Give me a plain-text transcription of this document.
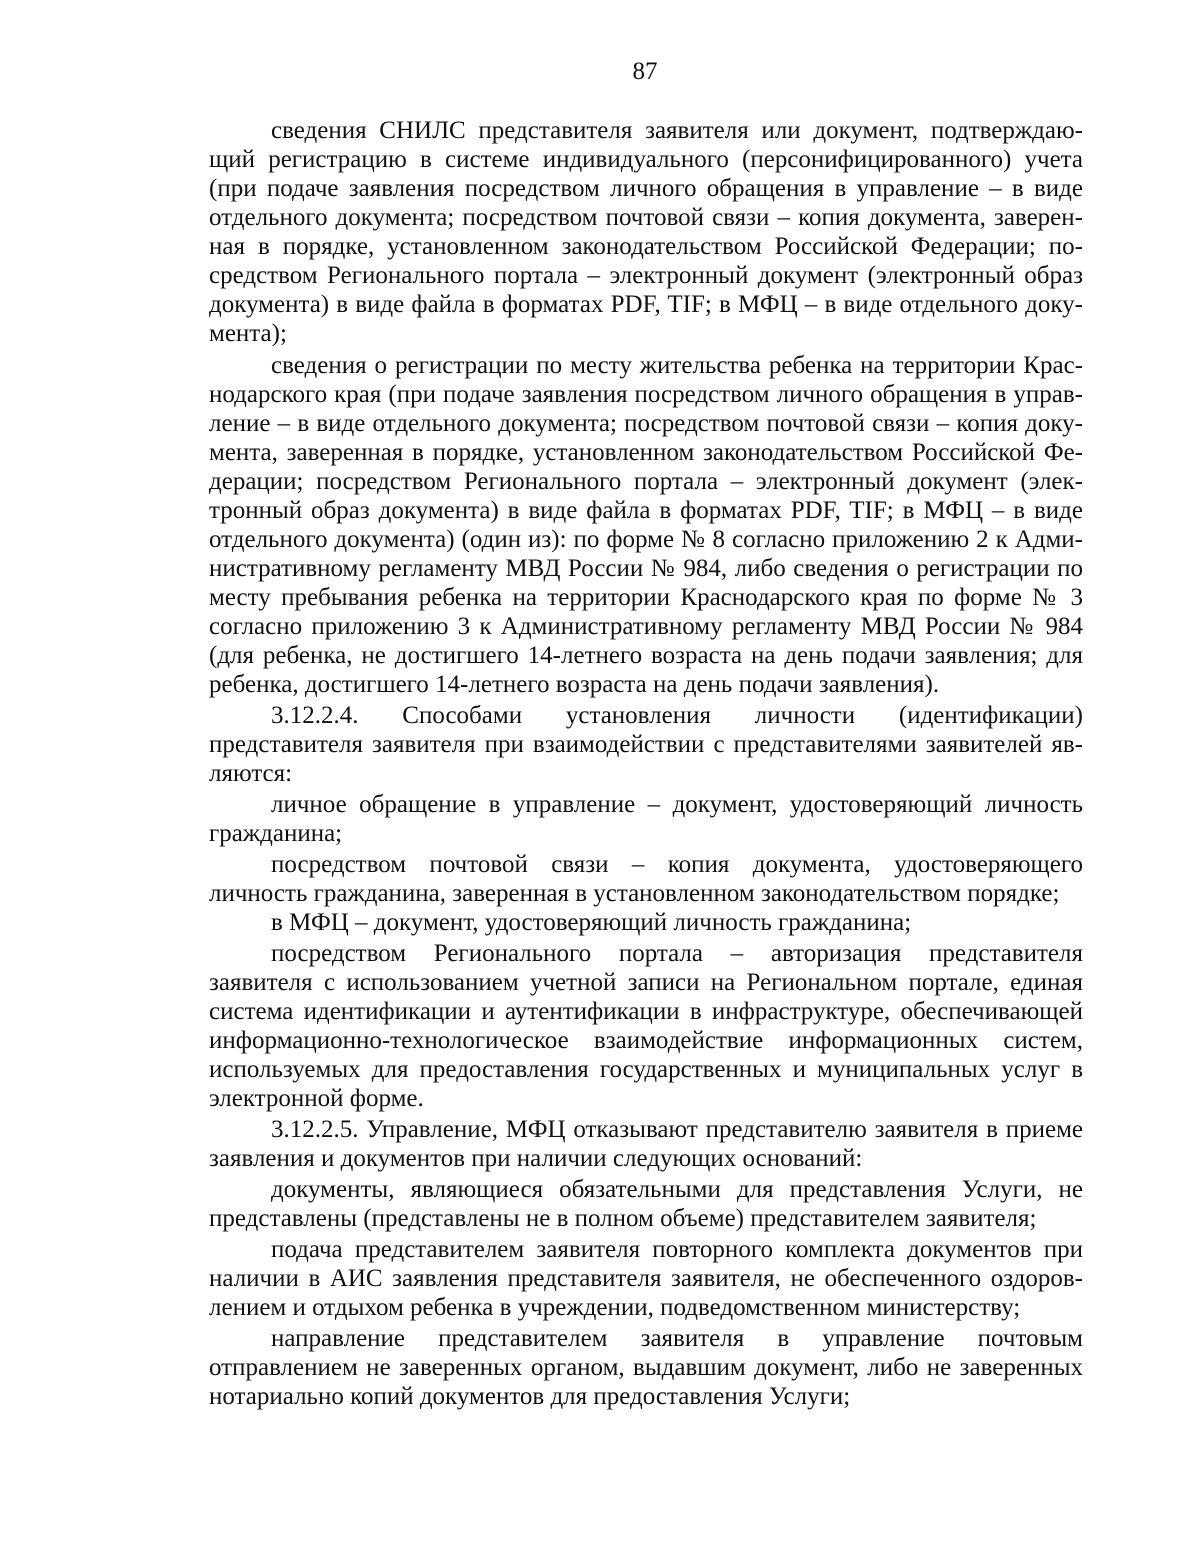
87
сведения СНИЛС представителя заявителя или документ, подтверждаю-
щий регистрацию в системе индивидуального (персонифицированного) учета
(при подаче заявления посредством личного обращения в управление – в виде
отдельного документа; посредством почтовой связи – копия документа, заверен-
ная в порядке, установленном законодательством Российской Федерации; по-
средством Регионального портала – электронный документ (электронный образ
документа) в виде файла в форматах PDF, TIF; в МФЦ – в виде отдельного доку-
мента);
сведения о регистрации по месту жительства ребенка на территории Крас-
нодарского края (при подаче заявления посредством личного обращения в управ-
ление – в виде отдельного документа; посредством почтовой связи – копия доку-
мента, заверенная в порядке, установленном законодательством Российской Фе-
дерации; посредством Регионального портала – электронный документ (элек-
тронный образ документа) в виде файла в форматах PDF, TIF; в МФЦ – в виде
отдельного документа) (один из): по форме № 8 согласно приложению 2 к Адми-
нистративному регламенту МВД России № 984, либо сведения о регистрации по
месту пребывания ребенка на территории Краснодарского края по форме № 3
согласно приложению 3 к Административному регламенту МВД России № 984
(для ребенка, не достигшего 14-летнего возраста на день подачи заявления; для
ребенка, достигшего 14-летнего возраста на день подачи заявления).
3.12.2.4. Способами установления личности (идентификации)
представителя заявителя при взаимодействии с представителями заявителей яв-
ляются:
личное обращение в управление – документ, удостоверяющий личность
гражданина;
посредством почтовой связи – копия документа, удостоверяющего
личность гражданина, заверенная в установленном законодательством порядке;
в МФЦ – документ, удостоверяющий личность гражданина;
посредством Регионального портала – авторизация представителя
заявителя с использованием учетной записи на Региональном портале, единая
система идентификации и аутентификации в инфраструктуре, обеспечивающей
информационно-технологическое взаимодействие информационных систем,
используемых для предоставления государственных и муниципальных услуг в
электронной форме.
3.12.2.5. Управление, МФЦ отказывают представителю заявителя в приеме
заявления и документов при наличии следующих оснований:
документы, являющиеся обязательными для представления Услуги, не
представлены (представлены не в полном объеме) представителем заявителя;
подача представителем заявителя повторного комплекта документов при
наличии в АИС заявления представителя заявителя, не обеспеченного оздоров-
лением и отдыхом ребенка в учреждении, подведомственном министерству;
направление представителем заявителя в управление почтовым
отправлением не заверенных органом, выдавшим документ, либо не заверенных
нотариально копий документов для предоставления Услуги;
